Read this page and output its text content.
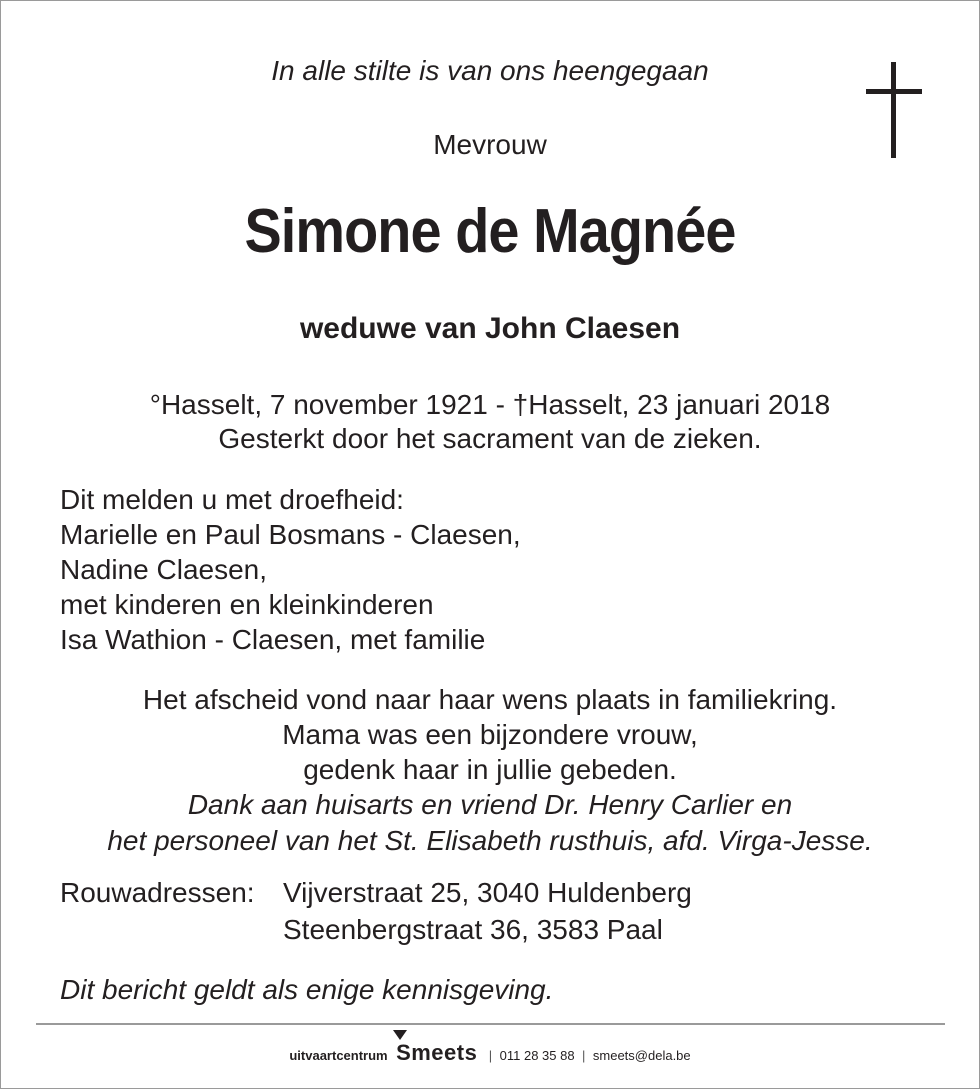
In alle stilte is van ons heengegaan
Mevrouw
Simone de Magnée
weduwe van John Claesen
°Hasselt, 7 november 1921 - †Hasselt, 23 januari 2018
Gesterkt door het sacrament van de zieken.
Dit melden u met droefheid:
Marielle en Paul Bosmans - Claesen,
Nadine Claesen,
met kinderen en kleinkinderen
Isa Wathion - Claesen, met familie
Het afscheid vond naar haar wens plaats in familiekring.
Mama was een bijzondere vrouw,
gedenk haar in jullie gebeden.
Dank aan huisarts en vriend Dr. Henry Carlier en
het personeel van het St. Elisabeth rusthuis, afd. Virga-Jesse.
Rouwadressen: Vijverstraat 25, 3040 Huldenberg
Steenbergstraat 36, 3583 Paal
Dit bericht geldt als enige kennisgeving.
uitvaartcentrum Smeets | 011 28 35 88 | smeets@dela.be
